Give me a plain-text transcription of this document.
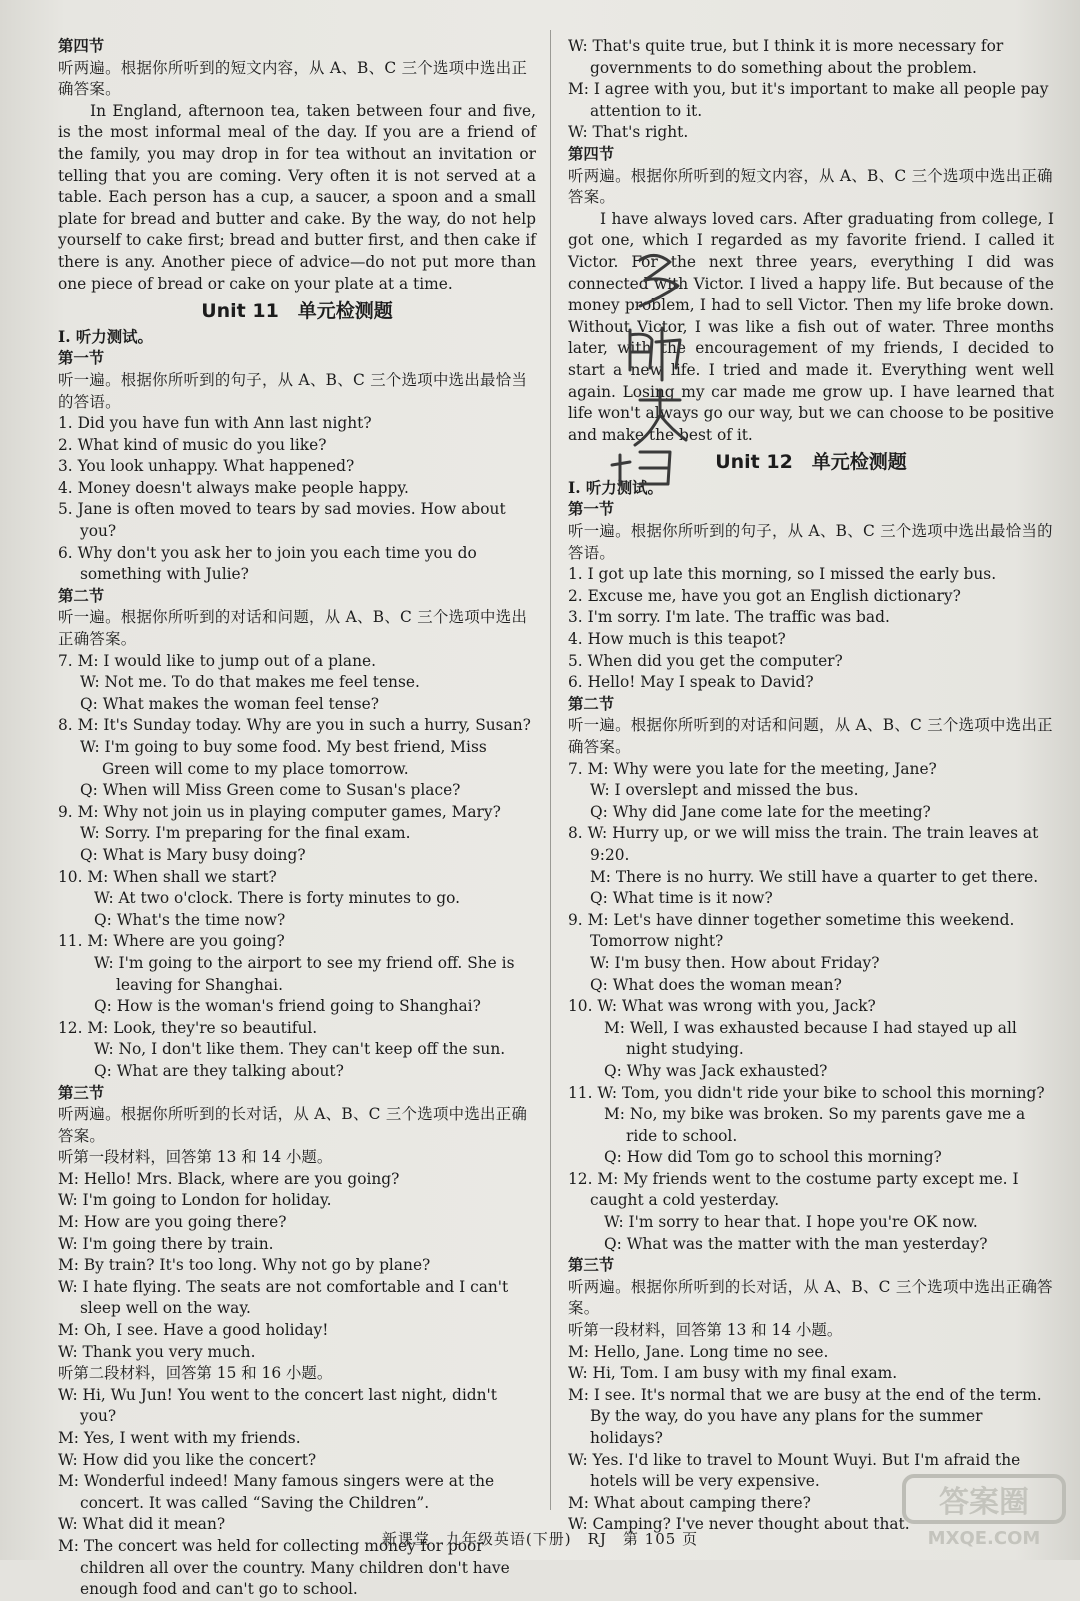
第四节

听两遍。根据你所听到的短文内容，从 A、B、C 三个选项中选出正确答案。

In England, afternoon tea, taken between four and five, is the most informal meal of the day. If you are a friend of the family, you may drop in for tea without an invitation or telling that you are coming. Very often it is not served at a table. Each person has a cup, a saucer, a spoon and a small plate for bread and butter and cake. By the way, do not help yourself to cake first; bread and butter first, and then cake if there is any. Another piece of advice—do not put more than one piece of bread or cake on your plate at a time.

Unit 11　单元检测题

Ⅰ. 听力测试。

第一节

听一遍。根据你所听到的句子，从 A、B、C 三个选项中选出最恰当的答语。

1. Did you have fun with Ann last night?

2. What kind of music do you like?

3. You look unhappy. What happened?

4. Money doesn't always make people happy.

5. Jane is often moved to tears by sad movies. How about you?

6. Why don't you ask her to join you each time you do something with Julie?

第二节

听一遍。根据你所听到的对话和问题，从 A、B、C 三个选项中选出正确答案。

7. M: I would like to jump out of a plane.

W: Not me. To do that makes me feel tense.

Q: What makes the woman feel tense?

8. M: It's Sunday today. Why are you in such a hurry, Susan?

W: I'm going to buy some food. My best friend, Miss Green will come to my place tomorrow.

Q: When will Miss Green come to Susan's place?

9. M: Why not join us in playing computer games, Mary?

W: Sorry. I'm preparing for the final exam.

Q: What is Mary busy doing?

10. M: When shall we start?

W: At two o'clock. There is forty minutes to go.

Q: What's the time now?

11. M: Where are you going?

W: I'm going to the airport to see my friend off. She is leaving for Shanghai.

Q: How is the woman's friend going to Shanghai?

12. M: Look, they're so beautiful.

W: No, I don't like them. They can't keep off the sun.

Q: What are they talking about?

第三节

听两遍。根据你所听到的长对话，从 A、B、C 三个选项中选出正确答案。

听第一段材料，回答第 13 和 14 小题。

M: Hello! Mrs. Black, where are you going?

W: I'm going to London for holiday.

M: How are you going there?

W: I'm going there by train.

M: By train? It's too long. Why not go by plane?

W: I hate flying. The seats are not comfortable and I can't sleep well on the way.

M: Oh, I see. Have a good holiday!

W: Thank you very much.

听第二段材料，回答第 15 和 16 小题。

W: Hi, Wu Jun! You went to the concert last night, didn't you?

M: Yes, I went with my friends.

W: How did you like the concert?

M: Wonderful indeed! Many famous singers were at the concert. It was called “Saving the Children”.

W: What did it mean?

M: The concert was held for collecting money for poor children all over the country. Many children don't have enough food and can't go to school.

W: That's quite true, but I think it is more necessary for governments to do something about the problem.

M: I agree with you, but it's important to make all people pay attention to it.

W: That's right.

第四节

听两遍。根据你所听到的短文内容，从 A、B、C 三个选项中选出正确答案。

I have always loved cars. After graduating from college, I got one, which I regarded as my favorite friend. I called it Victor. For the next three years, everything I did was connected with Victor. I lived a happy life. But because of the money problem, I had to sell Victor. Then my life broke down. Without Victor, I was like a fish out of water. Three months later, with the encouragement of my friends, I decided to start a new life. I tried and made it. Everything went well again. Losing my car made me grow up. I have learned that life won't always go our way, but we can choose to be positive and make the best of it.

Unit 12　单元检测题

Ⅰ. 听力测试。

第一节

听一遍。根据你所听到的句子，从 A、B、C 三个选项中选出最恰当的答语。

1. I got up late this morning, so I missed the early bus.

2. Excuse me, have you got an English dictionary?

3. I'm sorry. I'm late. The traffic was bad.

4. How much is this teapot?

5. When did you get the computer?

6. Hello! May I speak to David?

第二节

听一遍。根据你所听到的对话和问题，从 A、B、C 三个选项中选出正确答案。

7. M: Why were you late for the meeting, Jane?

W: I overslept and missed the bus.

Q: Why did Jane come late for the meeting?

8. W: Hurry up, or we will miss the train. The train leaves at 9:20.

M: There is no hurry. We still have a quarter to get there.

Q: What time is it now?

9. M: Let's have dinner together sometime this weekend. Tomorrow night?

W: I'm busy then. How about Friday?

Q: What does the woman mean?

10. W: What was wrong with you, Jack?

M: Well, I was exhausted because I had stayed up all night studying.

Q: Why was Jack exhausted?

11. W: Tom, you didn't ride your bike to school this morning?

M: No, my bike was broken. So my parents gave me a ride to school.

Q: How did Tom go to school this morning?

12. M: My friends went to the costume party except me. I caught a cold yesterday.

W: I'm sorry to hear that. I hope you're OK now.

Q: What was the matter with the man yesterday?

第三节

听两遍。根据你所听到的长对话，从 A、B、C 三个选项中选出正确答案。

听第一段材料，回答第 13 和 14 小题。

M: Hello, Jane. Long time no see.

W: Hi, Tom. I am busy with my final exam.

M: I see. It's normal that we are busy at the end of the term. By the way, do you have any plans for the summer holidays?

W: Yes. I'd like to travel to Mount Wuyi. But I'm afraid the hotels will be very expensive.

M: What about camping there?

W: Camping? I've never thought about that.

答案圈
MXQE.COM
新课堂　九年级英语(下册)　RJ　第 105 页
